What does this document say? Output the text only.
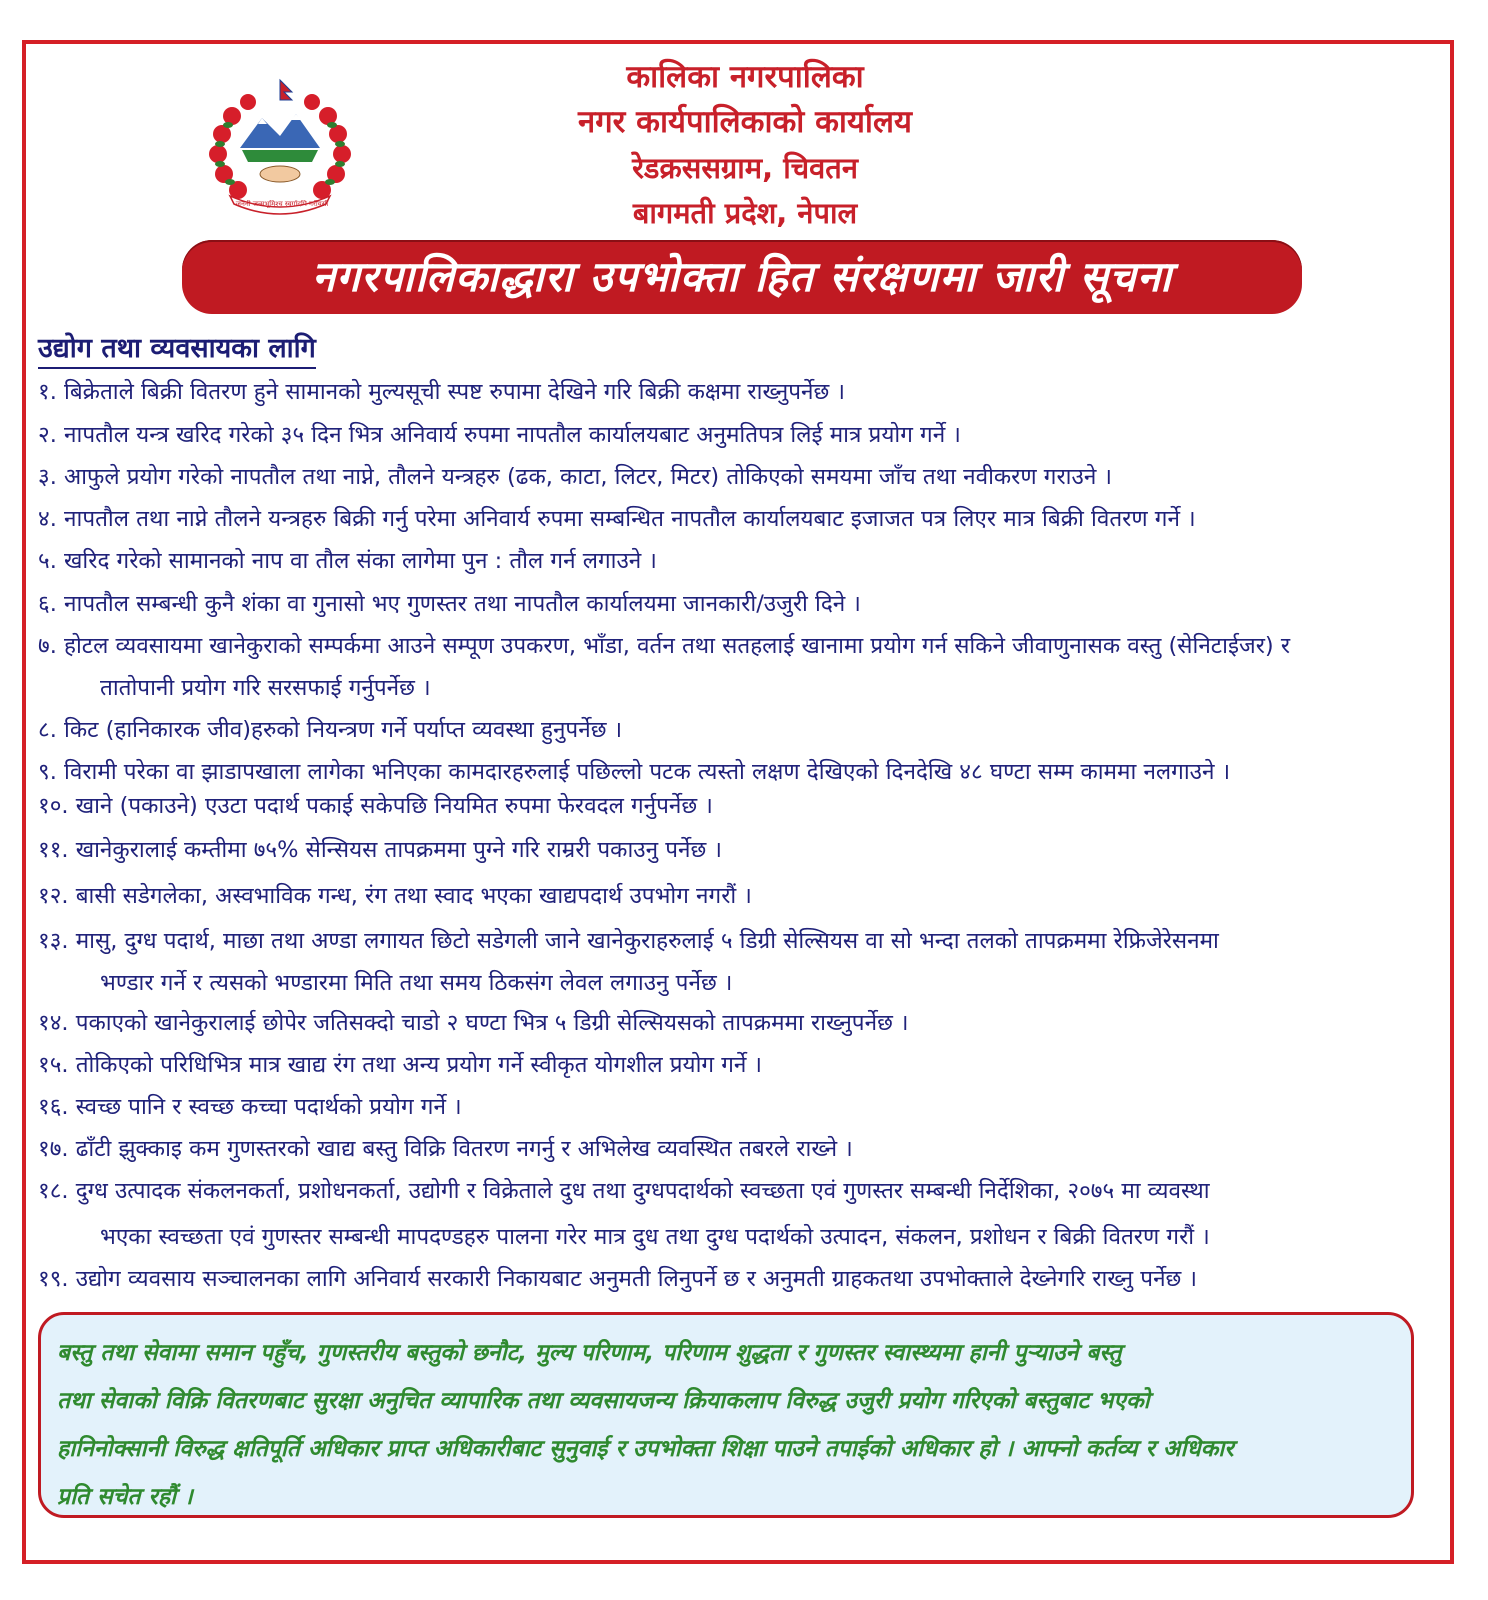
जननी जन्मभूमिश्च स्वर्गादपि गरीयसी
कालिका नगरपालिका
नगर कार्यपालिकाको कार्यालय
रेडक्रससग्राम, चिवतन
बागमती प्रदेश, नेपाल
नगरपालिकाद्धारा उपभोक्ता हित संरक्षणमा जारी सूचना
उद्योग तथा व्यवसायका लागि
१. बिक्रेताले बिक्री वितरण हुने सामानको मुल्यसूची स्पष्ट रुपामा देखिने गरि बिक्री कक्षमा राख्नुपर्नेछ ।
२. नापतौल यन्त्र खरिद गरेको ३५ दिन भित्र अनिवार्य रुपमा नापतौल कार्यालयबाट अनुमतिपत्र लिई मात्र प्रयोग गर्ने ।
३. आफुले प्रयोग गरेको नापतौल तथा नाप्ने, तौलने यन्त्रहरु (ढक, काटा, लिटर, मिटर) तोकिएको समयमा जाँच तथा नवीकरण गराउने ।
४. नापतौल तथा नाप्ने तौलने यन्त्रहरु बिक्री गर्नु परेमा अनिवार्य रुपमा सम्बन्धित नापतौल कार्यालयबाट इजाजत पत्र लिएर मात्र बिक्री वितरण गर्ने ।
५. खरिद गरेको सामानको नाप वा तौल संका लागेमा पुन : तौल गर्न लगाउने ।
६. नापतौल सम्बन्धी कुनै शंका वा गुनासो भए गुणस्तर तथा नापतौल कार्यालयमा जानकारी/उजुरी दिने ।
७. होटल व्यवसायमा खानेकुराको सम्पर्कमा आउने सम्पूण उपकरण, भाँडा, वर्तन तथा सतहलाई खानामा प्रयोग गर्न सकिने जीवाणुनासक वस्तु (सेनिटाईजर) र
तातोपानी प्रयोग गरि सरसफाई गर्नुपर्नेछ ।
८. किट (हानिकारक जीव)हरुको नियन्त्रण गर्ने पर्याप्त व्यवस्था हुनुपर्नेछ ।
९. विरामी परेका वा झाडापखाला लागेका भनिएका कामदारहरुलाई पछिल्लो पटक त्यस्तो लक्षण देखिएको दिनदेखि ४८ घण्टा सम्म काममा नलगाउने ।
१०. खाने (पकाउने) एउटा पदार्थ पकाई सकेपछि नियमित रुपमा फेरवदल गर्नुपर्नेछ ।
११. खानेकुरालाई कम्तीमा ७५% सेन्सियस तापक्रममा पुग्ने गरि राम्ररी पकाउनु पर्नेछ ।
१२. बासी सडेगलेका, अस्वभाविक गन्ध, रंग तथा स्वाद भएका खाद्यपदार्थ उपभोग नगरौं ।
१३. मासु, दुग्ध पदार्थ, माछा तथा अण्डा लगायत छिटो सडेगली जाने खानेकुराहरुलाई ५ डिग्री सेल्सियस वा सो भन्दा तलको तापक्रममा रेफ्रिजेरेसनमा
भण्डार गर्ने र त्यसको भण्डारमा मिति तथा समय ठिकसंग लेवल लगाउनु पर्नेछ ।
१४. पकाएको खानेकुरालाई छोपेर जतिसक्दो चाडो २ घण्टा भित्र ५ डिग्री सेल्सियसको तापक्रममा राख्नुपर्नेछ ।
१५. तोकिएको परिधिभित्र मात्र खाद्य रंग तथा अन्य प्रयोग गर्ने स्वीकृत योगशील प्रयोग गर्ने ।
१६. स्वच्छ पानि र स्वच्छ कच्चा पदार्थको प्रयोग गर्ने ।
१७. ढाँटी झुक्काइ कम गुणस्तरको खाद्य बस्तु विक्रि वितरण नगर्नु र अभिलेख व्यवस्थित तबरले राख्ने ।
१८. दुग्ध उत्पादक संकलनकर्ता, प्रशोधनकर्ता, उद्योगी र विक्रेताले दुध तथा दुग्धपदार्थको स्वच्छता एवं गुणस्तर सम्बन्धी निर्देशिका, २०७५ मा व्यवस्था
भएका स्वच्छता एवं गुणस्तर सम्बन्धी मापदण्डहरु पालना गरेर मात्र दुध तथा दुग्ध पदार्थको उत्पादन, संकलन, प्रशोधन र बिक्री वितरण गरौं ।
१९. उद्योग व्यवसाय सञ्चालनका लागि अनिवार्य सरकारी निकायबाट अनुमती लिनुपर्ने छ र अनुमती ग्राहकतथा उपभोक्ताले देख्नेगरि राख्नु पर्नेछ ।
बस्तु तथा सेवामा समान पहुँच, गुणस्तरीय बस्तुको छनौट, मुल्य परिणाम, परिणाम शुद्धता र गुणस्तर स्वास्थ्यमा हानी पुऱ्याउने बस्तु
तथा सेवाको विक्रि वितरणबाट सुरक्षा अनुचित व्यापारिक तथा व्यवसायजन्य क्रियाकलाप विरुद्ध उजुरी प्रयोग गरिएको बस्तुबाट भएको
हानिनोक्सानी विरुद्ध क्षतिपूर्ति अधिकार प्राप्त अधिकारीबाट सुनुवाई र उपभोक्ता शिक्षा पाउने तपाईको अधिकार हो । आफ्नो कर्तव्य र अधिकार
प्रति सचेत रहौं ।
